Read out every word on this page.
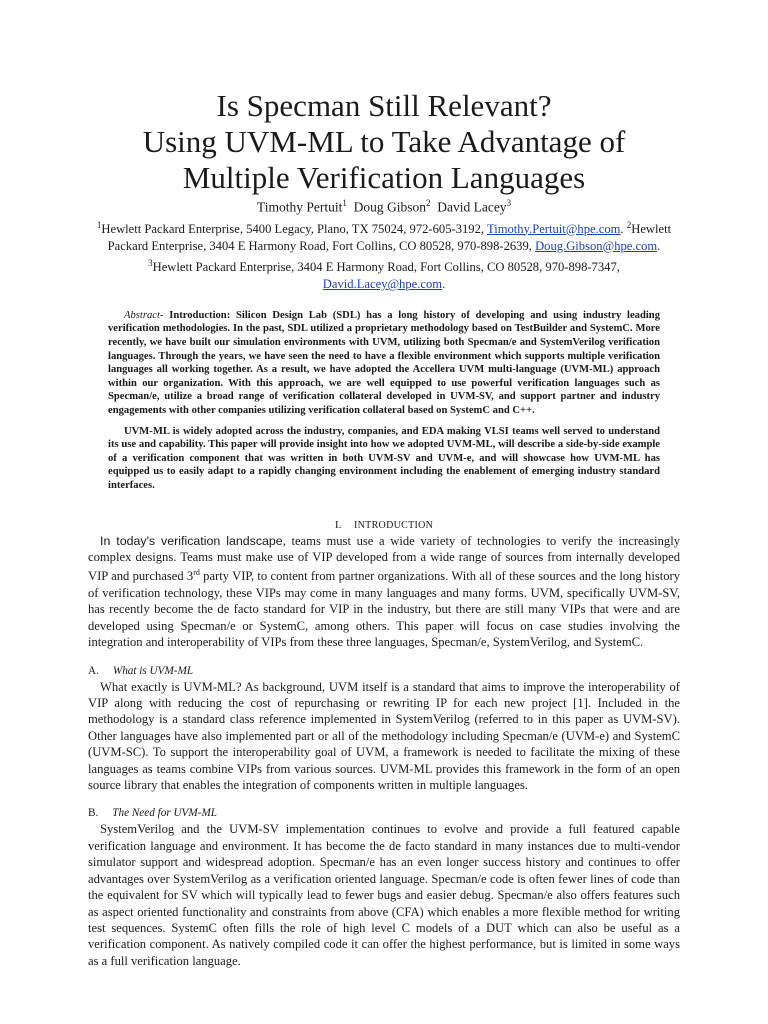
Is Specman Still Relevant?
Using UVM-ML to Take Advantage of
Multiple Verification Languages
Timothy Pertuit$^1$ Doug Gibson$^2$ David Lacey$^3$
$^1$Hewlett Packard Enterprise, 5400 Legacy, Plano, TX 75024, 972-605-3192, Timothy.Pertuit@hpe.com. $^2$Hewlett
Packard Enterprise, 3404 E Harmony Road, Fort Collins, CO 80528, 970-898-2639, Doug.Gibson@hpe.com.
$^3$Hewlett Packard Enterprise, 3404 E Harmony Road, Fort Collins, CO 80528, 970-898-7347,
David.Lacey@hpe.com.

Abstract- Introduction: Silicon Design Lab (SDL) has a long history of developing and using industry leading verification methodologies. In the past, SDL utilized a proprietary methodology based on TestBuilder and SystemC. More recently, we have built our simulation environments with UVM, utilizing both Specman/e and SystemVerilog verification languages. Through the years, we have seen the need to have a flexible environment which supports multiple verification languages all working together. As a result, we have adopted the Accellera UVM multi-language (UVM-ML) approach within our organization. With this approach, we are well equipped to use powerful verification languages such as Specman/e, utilize a broad range of verification collateral developed in UVM-SV, and support partner and industry engagements with other companies utilizing verification collateral based on SystemC and C++.

UVM-ML is widely adopted across the industry, companies, and EDA making VLSI teams well served to understand its use and capability. This paper will provide insight into how we adopted UVM-ML, will describe a side-by-side example of a verification component that was written in both UVM-SV and UVM-e, and will showcase how UVM-ML has equipped us to easily adapt to a rapidly changing environment including the enablement of emerging industry standard interfaces.

I. INTRODUCTION

In today's verification landscape, teams must use a wide variety of technologies to verify the increasingly complex designs. Teams must make use of VIP developed from a wide range of sources from internally developed VIP and purchased 3rd party VIP, to content from partner organizations. With all of these sources and the long history of verification technology, these VIPs may come in many languages and many forms. UVM, specifically UVM-SV, has recently become the de facto standard for VIP in the industry, but there are still many VIPs that were and are developed using Specman/e or SystemC, among others. This paper will focus on case studies involving the integration and interoperability of VIPs from these three languages, Specman/e, SystemVerilog, and SystemC.

A. What is UVM-ML

What exactly is UVM-ML? As background, UVM itself is a standard that aims to improve the interoperability of VIP along with reducing the cost of repurchasing or rewriting IP for each new project [1]. Included in the methodology is a standard class reference implemented in SystemVerilog (referred to in this paper as UVM-SV). Other languages have also implemented part or all of the methodology including Specman/e (UVM-e) and SystemC (UVM-SC). To support the interoperability goal of UVM, a framework is needed to facilitate the mixing of these languages as teams combine VIPs from various sources. UVM-ML provides this framework in the form of an open source library that enables the integration of components written in multiple languages.

B. The Need for UVM-ML

SystemVerilog and the UVM-SV implementation continues to evolve and provide a full featured capable verification language and environment. It has become the de facto standard in many instances due to multi-vendor simulator support and widespread adoption. Specman/e has an even longer success history and continues to offer advantages over SystemVerilog as a verification oriented language. Specman/e code is often fewer lines of code than the equivalent for SV which will typically lead to fewer bugs and easier debug. Specman/e also offers features such as aspect oriented functionality and constraints from above (CFA) which enables a more flexible method for writing test sequences. SystemC often fills the role of high level C models of a DUT which can also be useful as a verification component. As natively compiled code it can offer the highest performance, but is limited in some ways as a full verification language.
